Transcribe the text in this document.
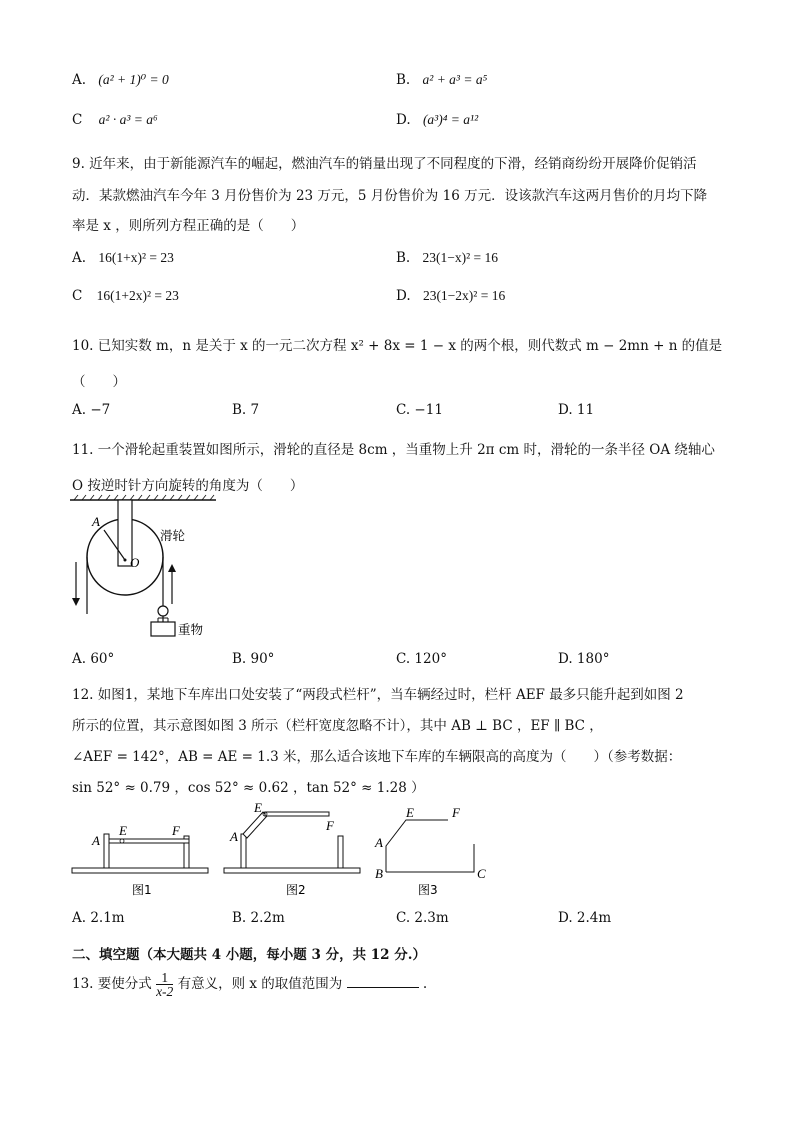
A. (a² + 1)⁰ = 0	B. a² + a³ = a⁵
C a² · a³ = a⁶	D. (a³)⁴ = a¹²
9. 近年来，由于新能源汽车的崛起，燃油汽车的销量出现了不同程度的下滑，经销商纷纷开展降价促销活
动．某款燃油汽车今年 3 月份售价为 23 万元，5 月份售价为 16 万元．设该款汽车这两月售价的月均下降
率是 x ，则所列方程正确的是（　　）
A. 16(1+x)² = 23	B. 23(1−x)² = 16
C 16(1+2x)² = 23	D. 23(1−2x)² = 16
10. 已知实数 m，n 是关于 x 的一元二次方程 x² + 8x = 1 − x 的两个根，则代数式 m − 2mn + n 的值是
（　　）
A. −7	B. 7	C. −11	D. 11
11. 一个滑轮起重装置如图所示，滑轮的直径是 8cm ，当重物上升 2π cm 时，滑轮的一条半径 OA 绕轴心
O 按逆时针方向旋转的角度为（　　）
A
O
滑轮
重物
A. 60°	B. 90°	C. 120°	D. 180°
12. 如图1，某地下车库出口处安装了“两段式栏杆”，当车辆经过时，栏杆 AEF 最多只能升起到如图 2
所示的位置，其示意图如图 3 所示（栏杆宽度忽略不计），其中 AB ⊥ BC ，EF ∥ BC ，
∠AEF = 142°，AB = AE = 1.3 米，那么适合该地下车库的车辆限高的高度为（　　）（参考数据：
sin 52° ≈ 0.79 ，cos 52° ≈ 0.62 ，tan 52° ≈ 1.28 ）
A
E	F
图1
A
E
F
图2
A
B	C
E	F
图3
A. 2.1m	B. 2.2m	C. 2.3m	D. 2.4m
二、填空题（本大题共 4 小题，每小题 3 分，共 12 分.）
13. 要使分式 $\frac{1}{x-2}$ 有意义，则 x 的取值范围为	.
